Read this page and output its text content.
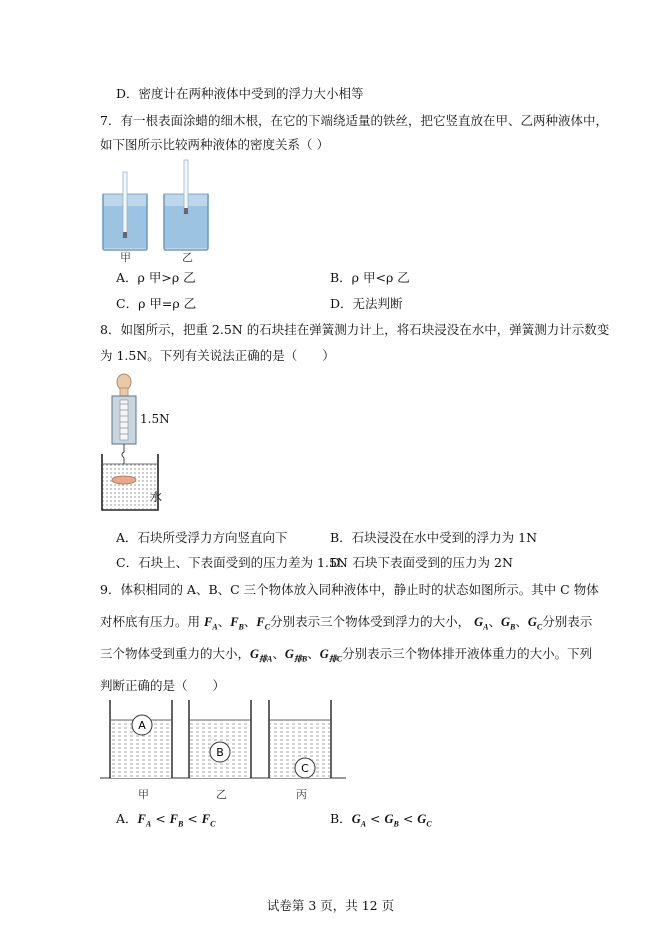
D．密度计在两种液体中受到的浮力大小相等
7．有一根表面涂蜡的细木根，在它的下端绕适量的铁丝，把它竖直放在甲、乙两种液体中，
如下图所示比较两种液体的密度关系（ ）
甲	乙
A．ρ 甲>ρ 乙	B．ρ 甲<ρ 乙
C．ρ 甲=ρ 乙	D．无法判断
8．如图所示，把重 2.5N 的石块挂在弹簧测力计上，将石块浸没在水中，弹簧测力计示数变
为 1.5N。下列有关说法正确的是（　　）
1.5N
水
A．石块所受浮力方向竖直向下	B．石块浸没在水中受到的浮力为 1N
C．石块上、下表面受到的压力差为 1.5N
D．石块下表面受到的压力为 2N
9．体积相同的 A、B、C 三个物体放入同种液体中，静止时的状态如图所示。其中 C 物体
对杯底有压力。用 $F_A$、$F_B$、$F_C$分别表示三个物体受到浮力的大小， $G_A$、$G_B$、$G_C$分别表示
三个物体受到重力的大小，$G_{排A}$、$G_{排B}$、$G_{排C}$分别表示三个物体排开液体重力的大小。下列
判断正确的是（　　）
A
B
C
甲	乙	丙
A．$F_A < F_B < F_C$	B．$G_A < G_B < G_C$
试卷第 3 页，共 12 页
